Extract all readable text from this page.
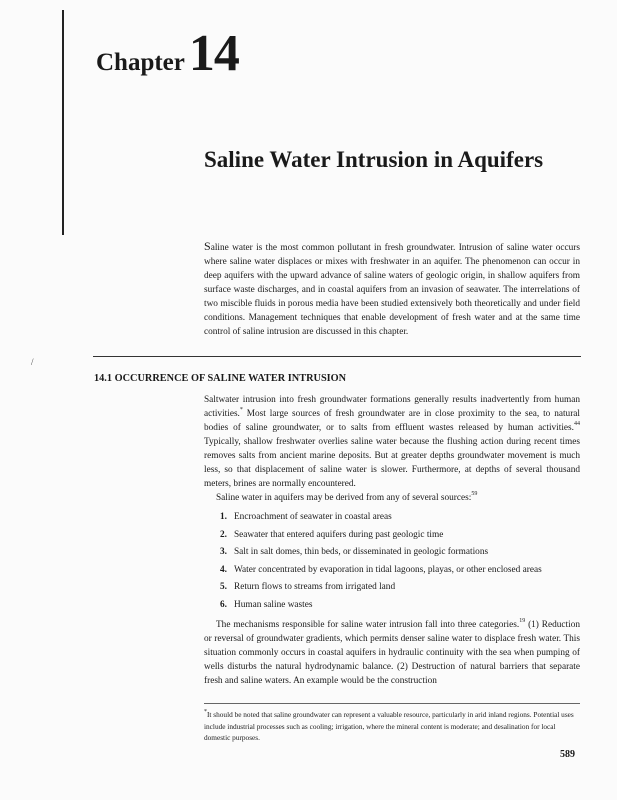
Chapter14
Saline Water Intrusion in Aquifers

Saline water is the most common pollutant in fresh groundwater. Intrusion of saline water occurs where saline water displaces or mixes with freshwater in an aquifer. The phenomenon can occur in deep aquifers with the upward advance of saline waters of geologic origin, in shallow aquifers from surface waste discharges, and in coastal aquifers from an invasion of seawater. The interrelations of two miscible fluids in porous media have been studied extensively both theoretically and under field conditions. Management techniques that enable development of fresh water and at the same time control of saline intrusion are discussed in this chapter.

/
14.1 OCCURRENCE OF SALINE WATER INTRUSION

Saltwater intrusion into fresh groundwater formations generally results inadvertently from human activities.* Most large sources of fresh groundwater are in close proximity to the sea, to natural bodies of saline groundwater, or to salts from effluent wastes released by human activities.$^{44}$ Typically, shallow freshwater overlies saline water because the flushing action during recent times removes salts from ancient marine deposits. But at greater depths groundwater movement is much less, so that displacement of saline water is slower. Furthermore, at depths of several thousand meters, brines are normally encountered.

Saline water in aquifers may be derived from any of several sources:$^{59}$

1. Encroachment of seawater in coastal areas
2. Seawater that entered aquifers during past geologic time
3. Salt in salt domes, thin beds, or disseminated in geologic formations
4. Water concentrated by evaporation in tidal lagoons, playas, or other enclosed areas
5. Return flows to streams from irrigated land
6. Human saline wastes

The mechanisms responsible for saline water intrusion fall into three categories.$^{19}$ (1) Reduction or reversal of groundwater gradients, which permits denser saline water to displace fresh water. This situation commonly occurs in coastal aquifers in hydraulic continuity with the sea when pumping of wells disturbs the natural hydrodynamic balance. (2) Destruction of natural barriers that separate fresh and saline waters. An example would be the construction

*It should be noted that saline groundwater can represent a valuable resource, particularly in arid inland regions. Potential uses include industrial processes such as cooling; irrigation, where the mineral content is moderate; and desalination for local domestic purposes.

589
